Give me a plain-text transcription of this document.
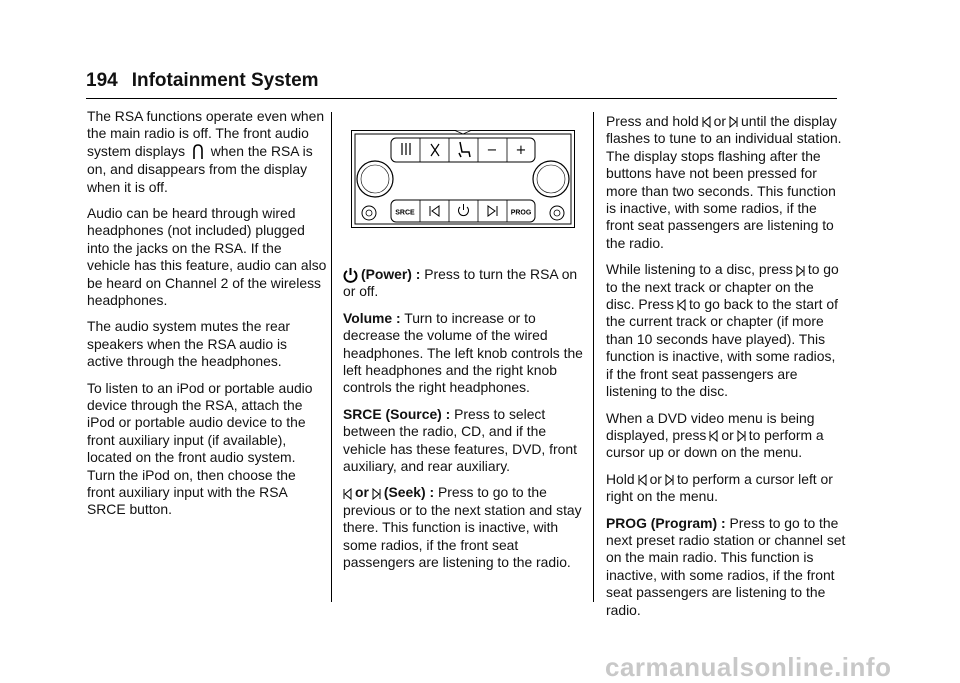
194 Infotainment System

The RSA functions operate even when the main radio is off. The front audio system displays when the RSA is on, and disappears from the display when it is off.

Audio can be heard through wired headphones (not included) plugged into the jacks on the RSA. If the vehicle has this feature, audio can also be heard on Channel 2 of the wireless headphones.

The audio system mutes the rear speakers when the RSA audio is active through the headphones.

To listen to an iPod or portable audio device through the RSA, attach the iPod or portable audio device to the front auxiliary input (if available), located on the front audio system. Turn the iPod on, then choose the front auxiliary input with the RSA SRCE button.

− +
SRCE	PROG

(Power) : Press to turn the RSA on or off.

Volume : Turn to increase or to decrease the volume of the wired headphones. The left knob controls the left headphones and the right knob controls the right headphones.

SRCE (Source) : Press to select between the radio, CD, and if the vehicle has these features, DVD, front auxiliary, and rear auxiliary.

or (Seek) : Press to go to the previous or to the next station and stay there. This function is inactive, with some radios, if the front seat passengers are listening to the radio.

Press and hold or until the display flashes to tune to an individual station. The display stops flashing after the buttons have not been pressed for more than two seconds. This function is inactive, with some radios, if the front seat passengers are listening to the radio.

While listening to a disc, press to go to the next track or chapter on the disc. Press to go back to the start of the current track or chapter (if more than 10 seconds have played). This function is inactive, with some radios, if the front seat passengers are listening to the disc.

When a DVD video menu is being displayed, press or to perform a cursor up or down on the menu.

Hold or to perform a cursor left or right on the menu.

PROG (Program) : Press to go to the next preset radio station or channel set on the main radio. This function is inactive, with some radios, if the front seat passengers are listening to the radio.

carmanualsonline.info
